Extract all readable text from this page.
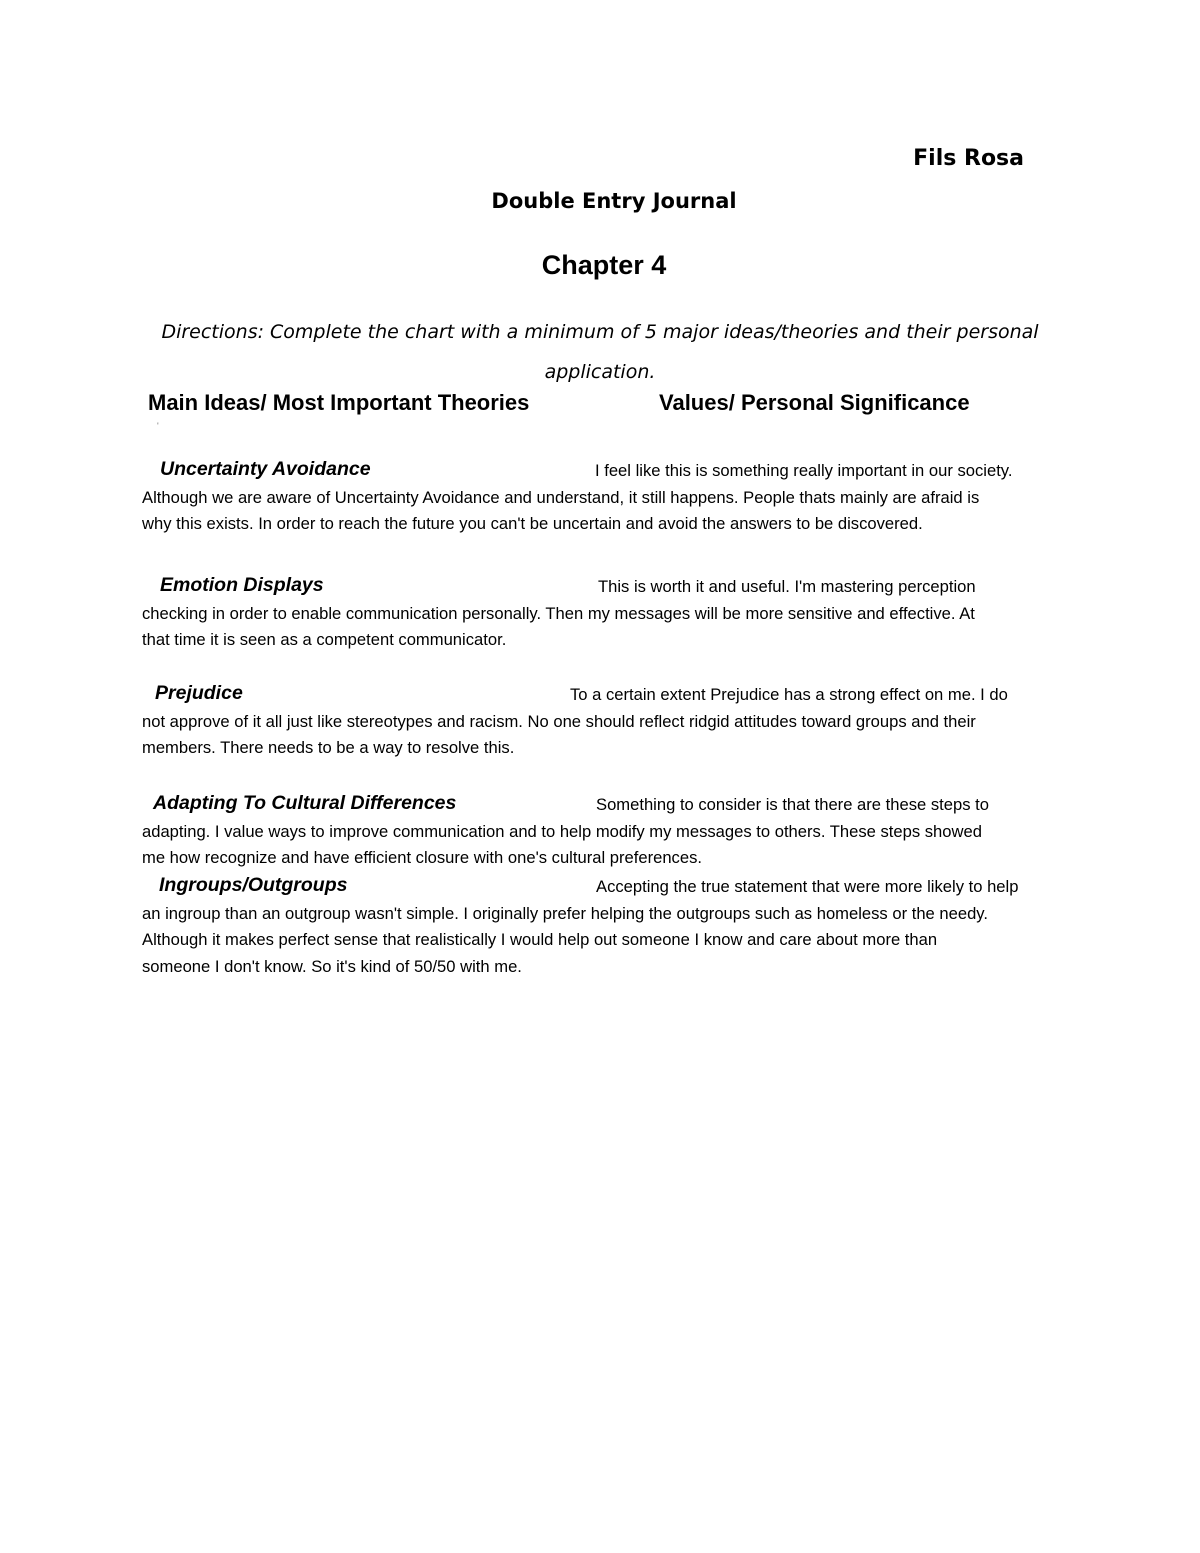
Fils Rosa
Double Entry Journal
Chapter 4
Directions: Complete the chart with a minimum of 5 major ideas/theories and their personal application.
Main Ideas/ Most Important Theories	Values/ Personal Significance
'
Uncertainty Avoidance	I feel like this is something really important in our society.
Although we are aware of Uncertainty Avoidance and understand, it still happens. People thats mainly are afraid is
why this exists. In order to reach the future you can't be uncertain and avoid the answers to be discovered.
Emotion Displays	This is worth it and useful. I'm mastering perception
checking in order to enable communication personally. Then my messages will be more sensitive and effective. At
that time it is seen as a competent communicator.
Prejudice	To a certain extent Prejudice has a strong effect on me. I do
not approve of it all just like stereotypes and racism. No one should reflect ridgid attitudes toward groups and their
members. There needs to be a way to resolve this.
Adapting To Cultural Differences	Something to consider is that there are these steps to
adapting. I value ways to improve communication and to help modify my messages to others. These steps showed
me how recognize and have efficient closure with one's cultural preferences.
Ingroups/Outgroups	Accepting the true statement that were more likely to help
an ingroup than an outgroup wasn't simple. I originally prefer helping the outgroups such as homeless or the needy.
Although it makes perfect sense that realistically I would help out someone I know and care about more than
someone I don't know. So it's kind of 50/50 with me.
